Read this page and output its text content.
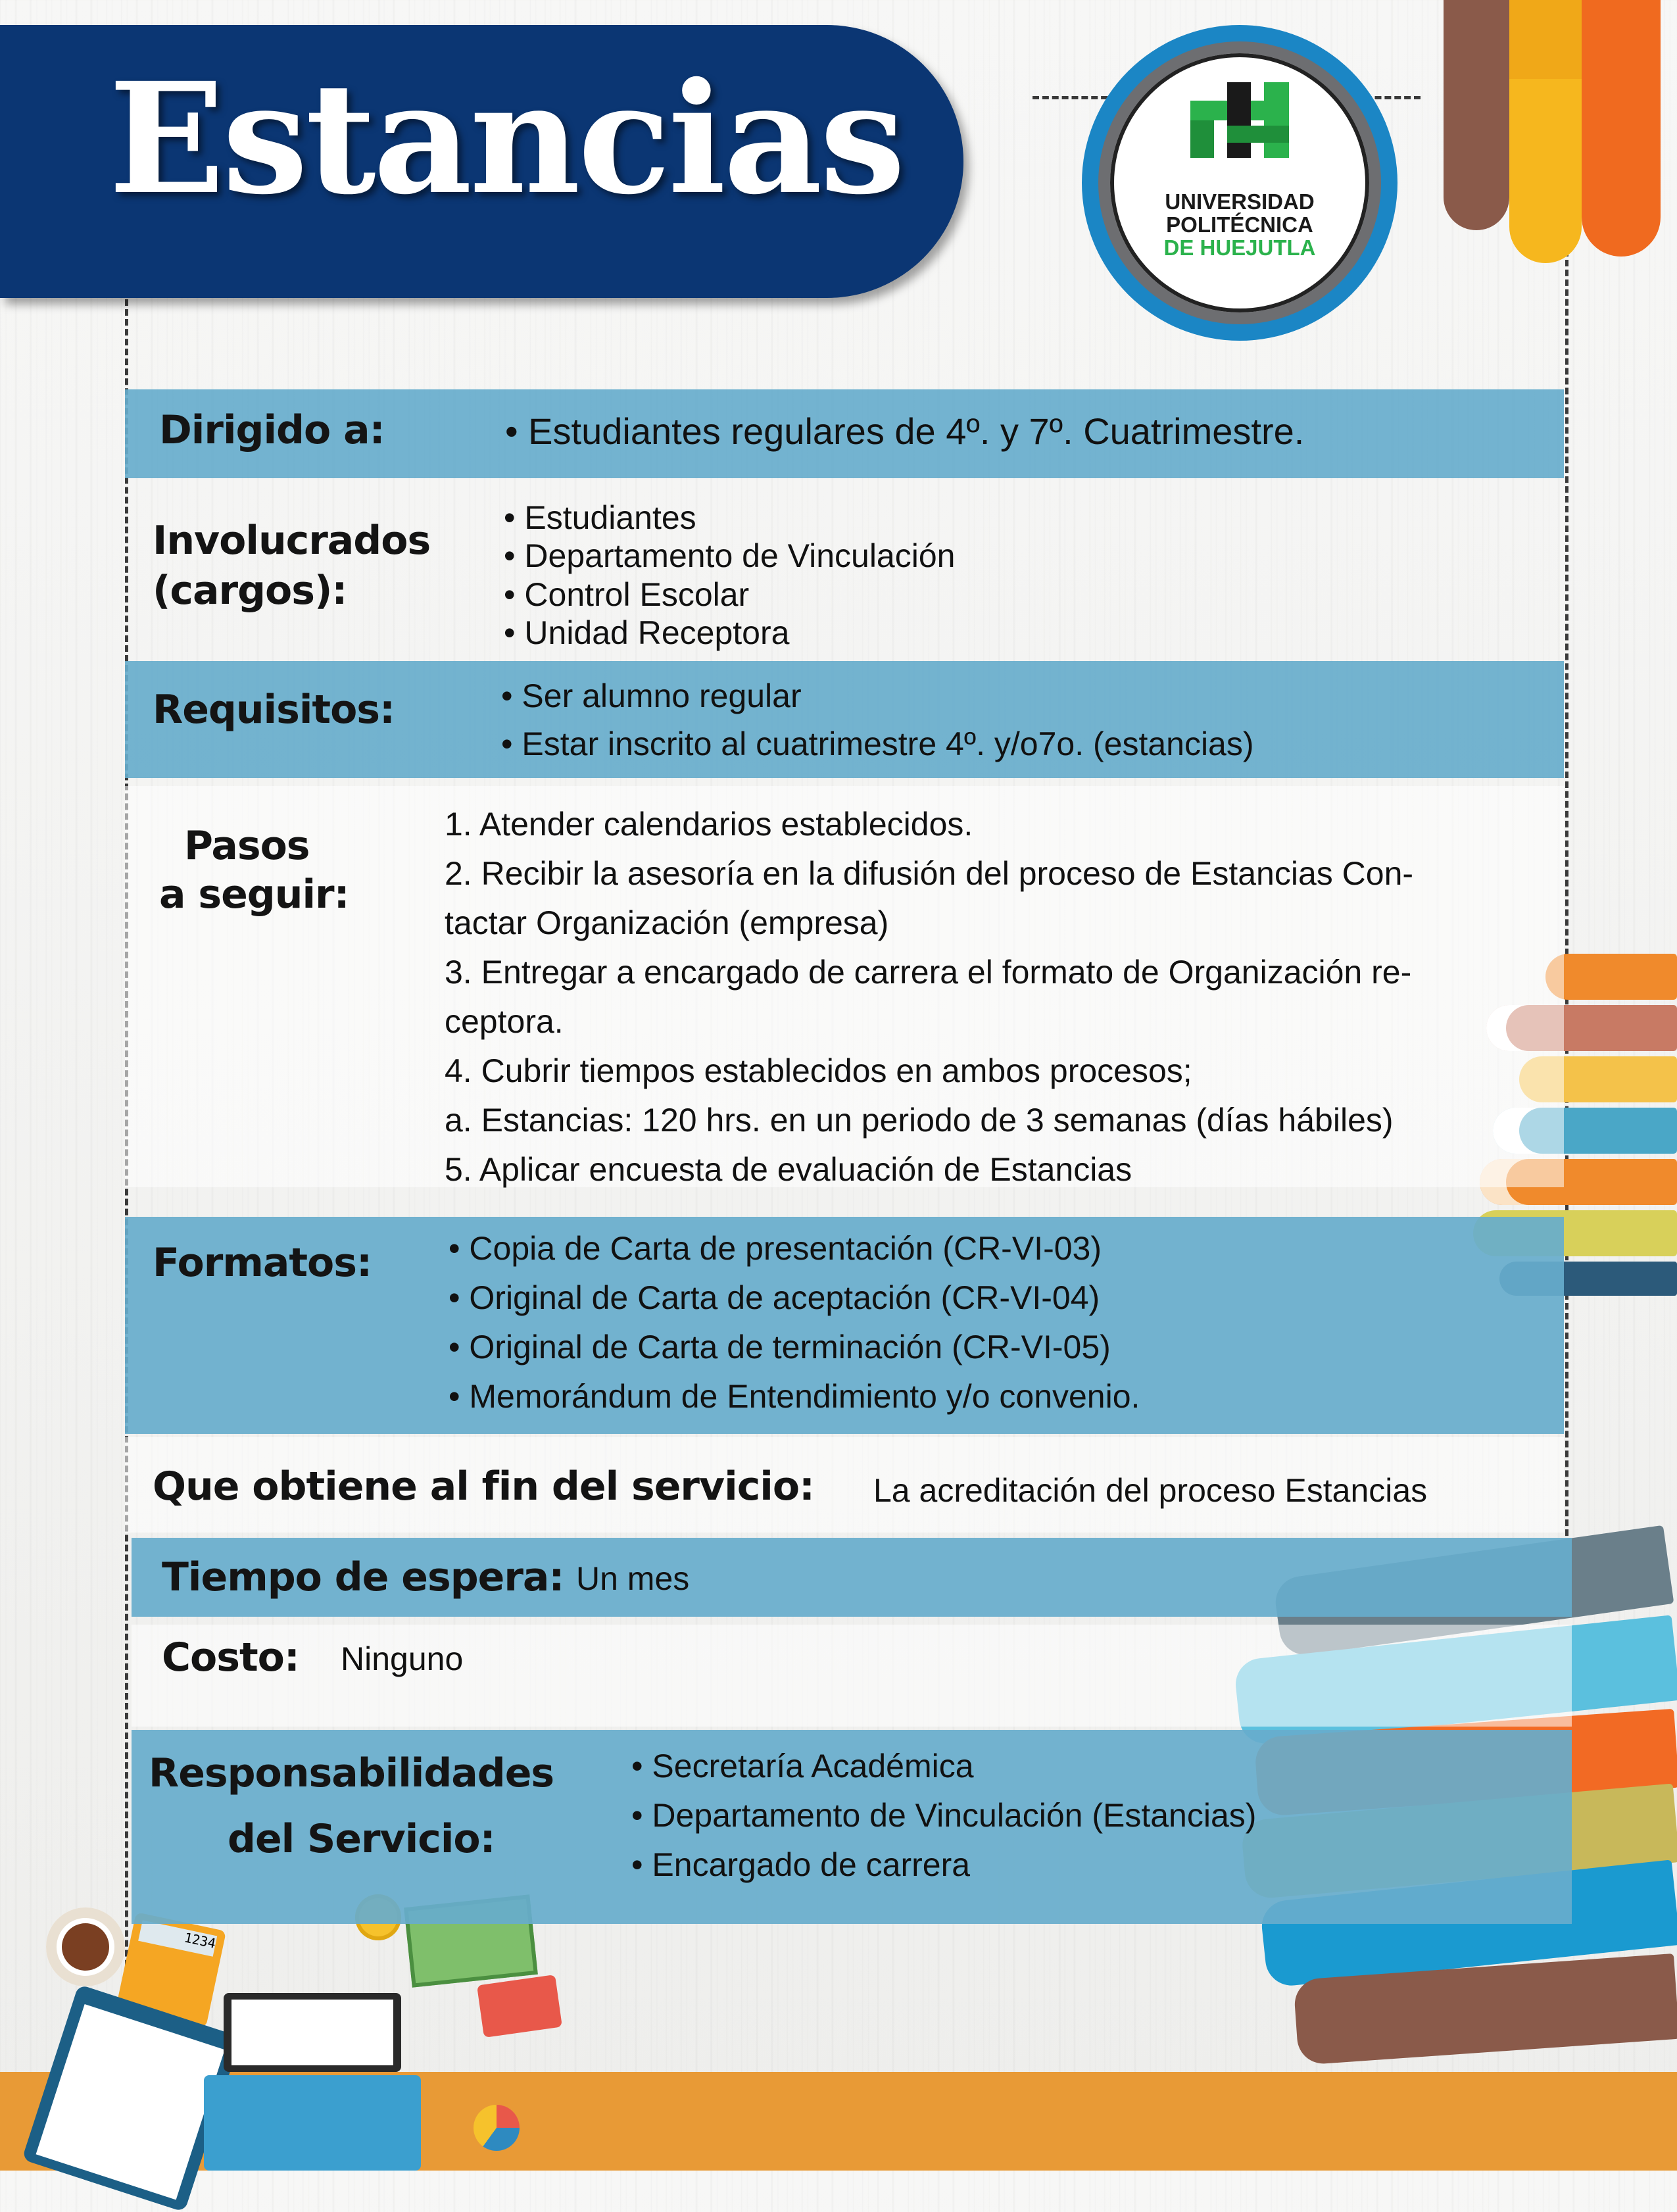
1234
Estancias	UNIVERSIDAD
POLITÉCNICA
DE HUEJUTLA
Dirigido a:	• Estudiantes regulares de 4º. y 7º. Cuatrimestre.
Involucrados
(cargos):
• Estudiantes
• Departamento de Vinculación
• Control Escolar
• Unidad Receptora
Requisitos:	• Ser alumno regular
• Estar inscrito al cuatrimestre 4º. y/o7o. (estancias)
Pasos
a seguir:
1. Atender calendarios establecidos.
2. Recibir la asesoría en la difusión del proceso de Estancias Con-
tactar Organización (empresa)
3. Entregar a encargado de carrera el formato de Organización re-
ceptora.
4. Cubrir tiempos establecidos en ambos procesos;
a. Estancias: 120 hrs. en un periodo de 3 semanas (días hábiles)
5. Aplicar encuesta de evaluación de Estancias
Formatos:	• Copia de Carta de presentación (CR-VI-03)
• Original de Carta de aceptación (CR-VI-04)
• Original de Carta de terminación (CR-VI-05)
• Memorándum de Entendimiento y/o convenio.
Que obtiene al fin del servicio: La acreditación del proceso Estancias
Tiempo de espera: Un mes
Costo: Ninguno
Responsabilidades
del Servicio:
• Secretaría Académica
• Departamento de Vinculación (Estancias)
• Encargado de carrera
